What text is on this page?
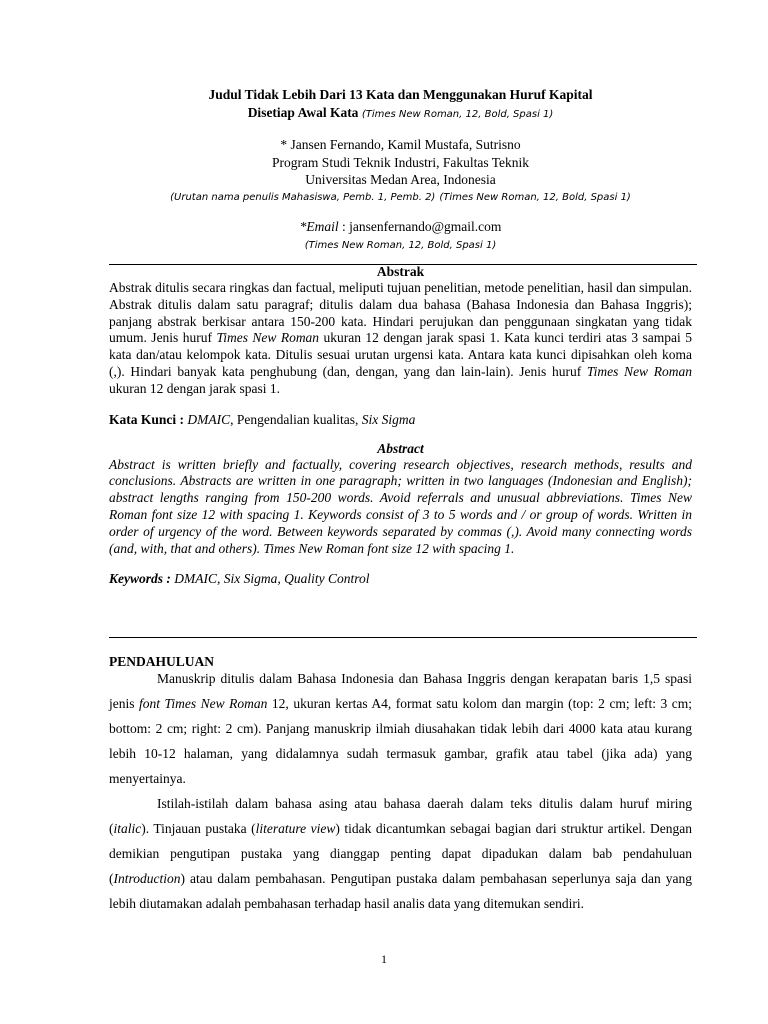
Judul Tidak Lebih Dari 13 Kata dan Menggunakan Huruf Kapital
Disetiap Awal Kata (Times New Roman, 12, Bold, Spasi 1)
* Jansen Fernando, Kamil Mustafa, Sutrisno
Program Studi Teknik Industri, Fakultas Teknik
Universitas Medan Area, Indonesia
(Urutan nama penulis Mahasiswa, Pemb. 1, Pemb. 2) (Times New Roman, 12, Bold, Spasi 1)
*Email : jansenfernando@gmail.com
(Times New Roman, 12, Bold, Spasi 1)
Abstrak

Abstrak ditulis secara ringkas dan factual, meliputi tujuan penelitian, metode penelitian, hasil dan simpulan. Abstrak ditulis dalam satu paragraf; ditulis dalam dua bahasa (Bahasa Indonesia dan Bahasa Inggris); panjang abstrak berkisar antara 150-200 kata. Hindari perujukan dan penggunaan singkatan yang tidak umum. Jenis huruf Times New Roman ukuran 12 dengan jarak spasi 1. Kata kunci terdiri atas 3 sampai 5 kata dan/atau kelompok kata. Ditulis sesuai urutan urgensi kata. Antara kata kunci dipisahkan oleh koma (,). Hindari banyak kata penghubung (dan, dengan, yang dan lain-lain). Jenis huruf Times New Roman ukuran 12 dengan jarak spasi 1.

Kata Kunci : DMAIC, Pengendalian kualitas, Six Sigma
Abstract

Abstract is written briefly and factually, covering research objectives, research methods, results and conclusions. Abstracts are written in one paragraph; written in two languages (Indonesian and English); abstract lengths ranging from 150-200 words. Avoid referrals and unusual abbreviations. Times New Roman font size 12 with spacing 1. Keywords consist of 3 to 5 words and / or group of words. Written in order of urgency of the word. Between keywords separated by commas (,). Avoid many connecting words (and, with, that and others). Times New Roman font size 12 with spacing 1.

Keywords : DMAIC, Six Sigma, Quality Control
PENDAHULUAN

Manuskrip ditulis dalam Bahasa Indonesia dan Bahasa Inggris dengan kerapatan baris 1,5 spasi jenis font Times New Roman 12, ukuran kertas A4, format satu kolom dan margin (top: 2 cm; left: 3 cm; bottom: 2 cm; right: 2 cm). Panjang manuskrip ilmiah diusahakan tidak lebih dari 4000 kata atau kurang lebih 10-12 halaman, yang didalamnya sudah termasuk gambar, grafik atau tabel (jika ada) yang menyertainya.

Istilah-istilah dalam bahasa asing atau bahasa daerah dalam teks ditulis dalam huruf miring (italic). Tinjauan pustaka (literature view) tidak dicantumkan sebagai bagian dari struktur artikel. Dengan demikian pengutipan pustaka yang dianggap penting dapat dipadukan dalam bab pendahuluan (Introduction) atau dalam pembahasan. Pengutipan pustaka dalam pembahasan seperlunya saja dan yang lebih diutamakan adalah pembahasan terhadap hasil analis data yang ditemukan sendiri.

1
